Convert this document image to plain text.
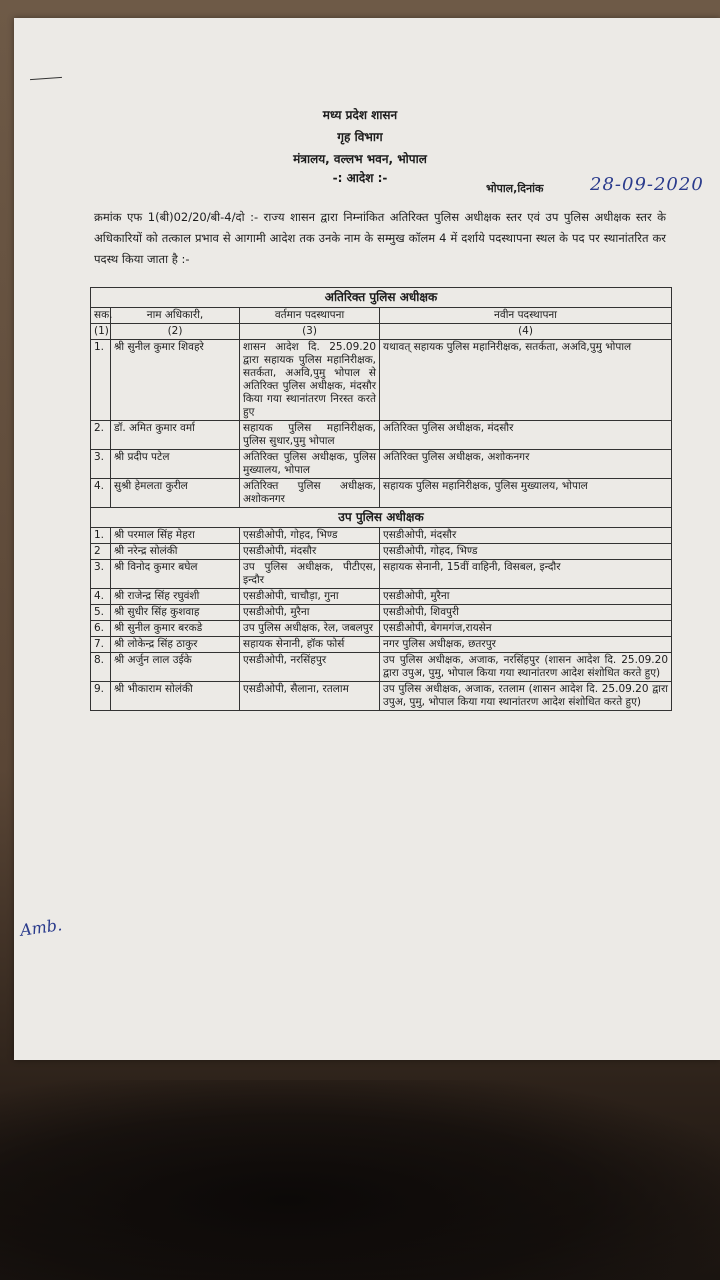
मध्य प्रदेश शासन
गृह विभाग
मंत्रालय, वल्लभ भवन, भोपाल
-: आदेश :-
भोपाल,दिनांक	28-09-2020
क्रमांक एफ 1(बी)02/20/बी-4/दो :- राज्य शासन द्वारा निम्नांकित अतिरिक्त पुलिस अधीक्षक स्तर एवं उप पुलिस अधीक्षक स्तर के अधिकारियों को तत्काल प्रभाव से आगामी आदेश तक उनके नाम के सम्मुख कॉलम 4 में दर्शाये पदस्थापना स्थल के पद पर स्थानांतरित कर पदस्थ किया जाता है :-
अतिरिक्त पुलिस अधीक्षक			
सक.	नाम अधिकारी,	वर्तमान पदस्थापना	नवीन पदस्थापना
(1)	(2)	(3)	(4)
1.	श्री सुनील कुमार शिवहरे	शासन आदेश दि. 25.09.20 द्वारा सहायक पुलिस महानिरीक्षक, सतर्कता, अअवि,पुमु भोपाल से अतिरिक्त पुलिस अधीक्षक, मंदसौर किया गया स्थानांतरण निरस्त करते हुए	यथावत् सहायक पुलिस महानिरीक्षक, सतर्कता, अअवि,पुमु भोपाल
2.	डॉ. अमित कुमार वर्मा	सहायक पुलिस महानिरीक्षक, पुलिस सुधार,पुमु भोपाल	अतिरिक्त पुलिस अधीक्षक, मंदसौर
3.	श्री प्रदीप पटेल	अतिरिक्त पुलिस अधीक्षक, पुलिस मुख्यालय, भोपाल	अतिरिक्त पुलिस अधीक्षक, अशोकनगर
4.	सुश्री हेमलता कुरील	अतिरिक्त पुलिस अधीक्षक, अशोकनगर	सहायक पुलिस महानिरीक्षक, पुलिस मुख्यालय, भोपाल
उप पुलिस अधीक्षक			
1.	श्री परमाल सिंह मेहरा	एसडीओपी, गोहद, भिण्ड	एसडीओपी, मंदसौर
2	श्री नरेन्द्र सोलंकी	एसडीओपी, मंदसौर	एसडीओपी, गोहद, भिण्ड
3.	श्री विनोद कुमार बघेल	उप पुलिस अधीक्षक, पीटीएस, इन्दौर	सहायक सेनानी, 15वीं वाहिनी, विसबल, इन्दौर
4.	श्री राजेन्द्र सिंह रघुवंशी	एसडीओपी, चाचौड़ा, गुना	एसडीओपी, मुरैना
5.	श्री सुधीर सिंह कुशवाह	एसडीओपी, मुरैना	एसडीओपी, शिवपुरी
6.	श्री सुनील कुमार बरकडे	उप पुलिस अधीक्षक, रेल, जबलपुर	एसडीओपी, बेगमगंज,रायसेन
7.	श्री लोकेन्द्र सिंह ठाकुर	सहायक सेनानी, हॉक फोर्स	नगर पुलिस अधीक्षक, छतरपुर
8.	श्री अर्जुन लाल उईके	एसडीओपी, नरसिंहपुर	उप पुलिस अधीक्षक, अजाक, नरसिंहपुर (शासन आदेश दि. 25.09.20 द्वारा उपुअ, पुमु, भोपाल किया गया स्थानांतरण आदेश संशोधित करते हुए)
9.	श्री भीकाराम सोलंकी	एसडीओपी, सैलाना, रतलाम	उप पुलिस अधीक्षक, अजाक, रतलाम (शासन आदेश दि. 25.09.20 द्वारा उपुअ, पुमु, भोपाल किया गया स्थानांतरण आदेश संशोधित करते हुए)
Amb.
